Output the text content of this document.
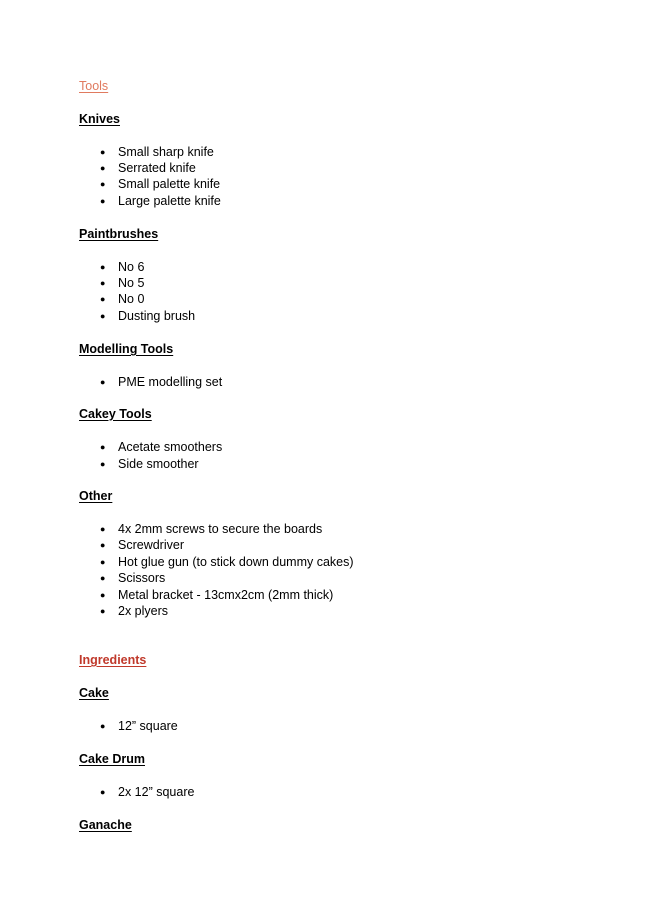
Tools
Knives
● Small sharp knife
● Serrated knife
● Small palette knife
● Large palette knife
Paintbrushes
● No 6
● No 5
● No 0
● Dusting brush
Modelling Tools
● PME modelling set
Cakey Tools
● Acetate smoothers
● Side smoother
Other
● 4x 2mm screws to secure the boards
● Screwdriver
● Hot glue gun (to stick down dummy cakes)
● Scissors
● Metal bracket - 13cmx2cm (2mm thick)
● 2x plyers
Ingredients
Cake
● 12” square
Cake Drum
● 2x 12” square
Ganache
